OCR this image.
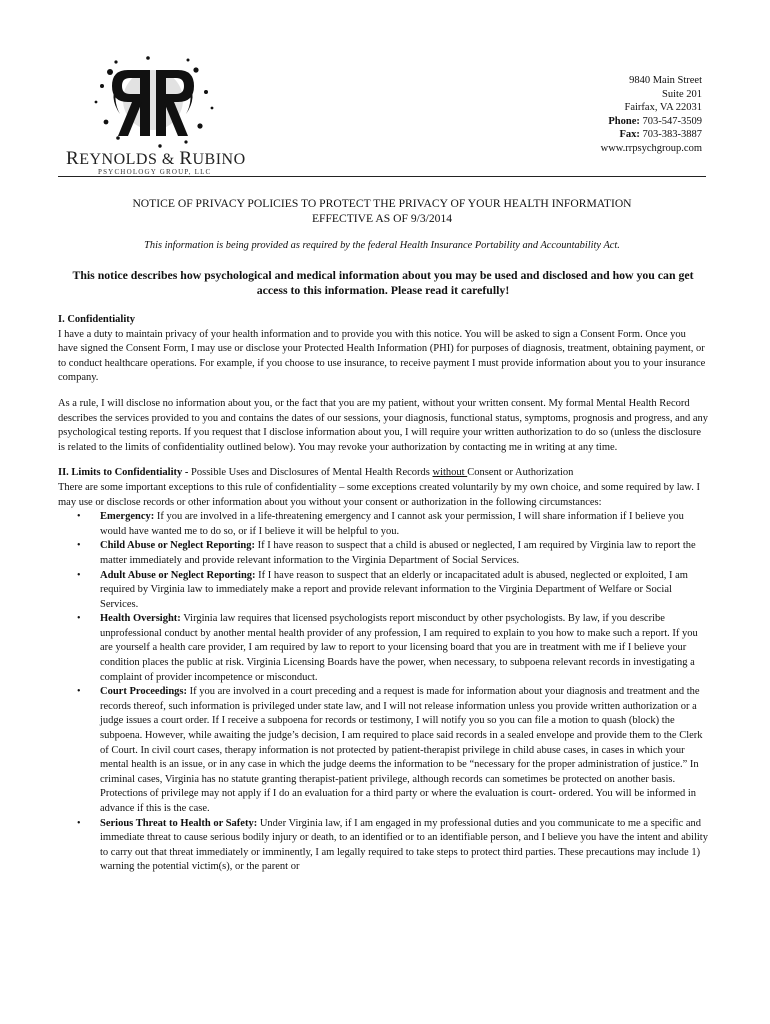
REYNOLDS & RUBINO
PSYCHOLOGY GROUP, LLC
9840 Main Street
Suite 201
Fairfax, VA 22031
Phone: 703-547-3509
Fax: 703-383-3887
www.rrpsychgroup.com
NOTICE OF PRIVACY POLICIES TO PROTECT THE PRIVACY OF YOUR HEALTH INFORMATION
EFFECTIVE AS OF 9/3/2014
This information is being provided as required by the federal Health Insurance Portability and Accountability Act.
This notice describes how psychological and medical information about you may be used and disclosed and how you can get access to this information. Please read it carefully!

I. Confidentiality

I have a duty to maintain privacy of your health information and to provide you with this notice. You will be asked to sign a Consent Form. Once you have signed the Consent Form, I may use or disclose your Protected Health Information (PHI) for purposes of diagnosis, treatment, obtaining payment, or to conduct healthcare operations. For example, if you choose to use insurance, to receive payment I must provide information about you to your insurance company.

As a rule, I will disclose no information about you, or the fact that you are my patient, without your written consent. My formal Mental Health Record describes the services provided to you and contains the dates of our sessions, your diagnosis, functional status, symptoms, prognosis and progress, and any psychological testing reports. If you request that I disclose information about you, I will require your written authorization to do so (unless the disclosure is related to the limits of confidentiality outlined below). You may revoke your authorization by contacting me in writing at any time.

II. Limits to Confidentiality - Possible Uses and Disclosures of Mental Health Records without Consent or Authorization

There are some important exceptions to this rule of confidentiality – some exceptions created voluntarily by my own choice, and some required by law. I may use or disclose records or other information about you without your consent or authorization in the following circumstances:

• Emergency: If you are involved in a life-threatening emergency and I cannot ask your permission, I will share information if I believe you would have wanted me to do so, or if I believe it will be helpful to you.
• Child Abuse or Neglect Reporting: If I have reason to suspect that a child is abused or neglected, I am required by Virginia law to report the matter immediately and provide relevant information to the Virginia Department of Social Services.
• Adult Abuse or Neglect Reporting: If I have reason to suspect that an elderly or incapacitated adult is abused, neglected or exploited, I am required by Virginia law to immediately make a report and provide relevant information to the Virginia Department of Welfare or Social Services.
• Health Oversight: Virginia law requires that licensed psychologists report misconduct by other psychologists. By law, if you describe unprofessional conduct by another mental health provider of any profession, I am required to explain to you how to make such a report. If you are yourself a health care provider, I am required by law to report to your licensing board that you are in treatment with me if I believe your condition places the public at risk. Virginia Licensing Boards have the power, when necessary, to subpoena relevant records in investigating a complaint of provider incompetence or misconduct.
• Court Proceedings: If you are involved in a court preceding and a request is made for information about your diagnosis and treatment and the records thereof, such information is privileged under state law, and I will not release information unless you provide written authorization or a judge issues a court order. If I receive a subpoena for records or testimony, I will notify you so you can file a motion to quash (block) the subpoena. However, while awaiting the judge’s decision, I am required to place said records in a sealed envelope and provide them to the Clerk of Court. In civil court cases, therapy information is not protected by patient-therapist privilege in child abuse cases, in cases in which your mental health is an issue, or in any case in which the judge deems the information to be “necessary for the proper administration of justice.” In criminal cases, Virginia has no statute granting therapist-patient privilege, although records can sometimes be protected on another basis. Protections of privilege may not apply if I do an evaluation for a third party or where the evaluation is court- ordered. You will be informed in advance if this is the case.
• Serious Threat to Health or Safety: Under Virginia law, if I am engaged in my professional duties and you communicate to me a specific and immediate threat to cause serious bodily injury or death, to an identified or to an identifiable person, and I believe you have the intent and ability to carry out that threat immediately or imminently, I am legally required to take steps to protect third parties. These precautions may include 1) warning the potential victim(s), or the parent or
